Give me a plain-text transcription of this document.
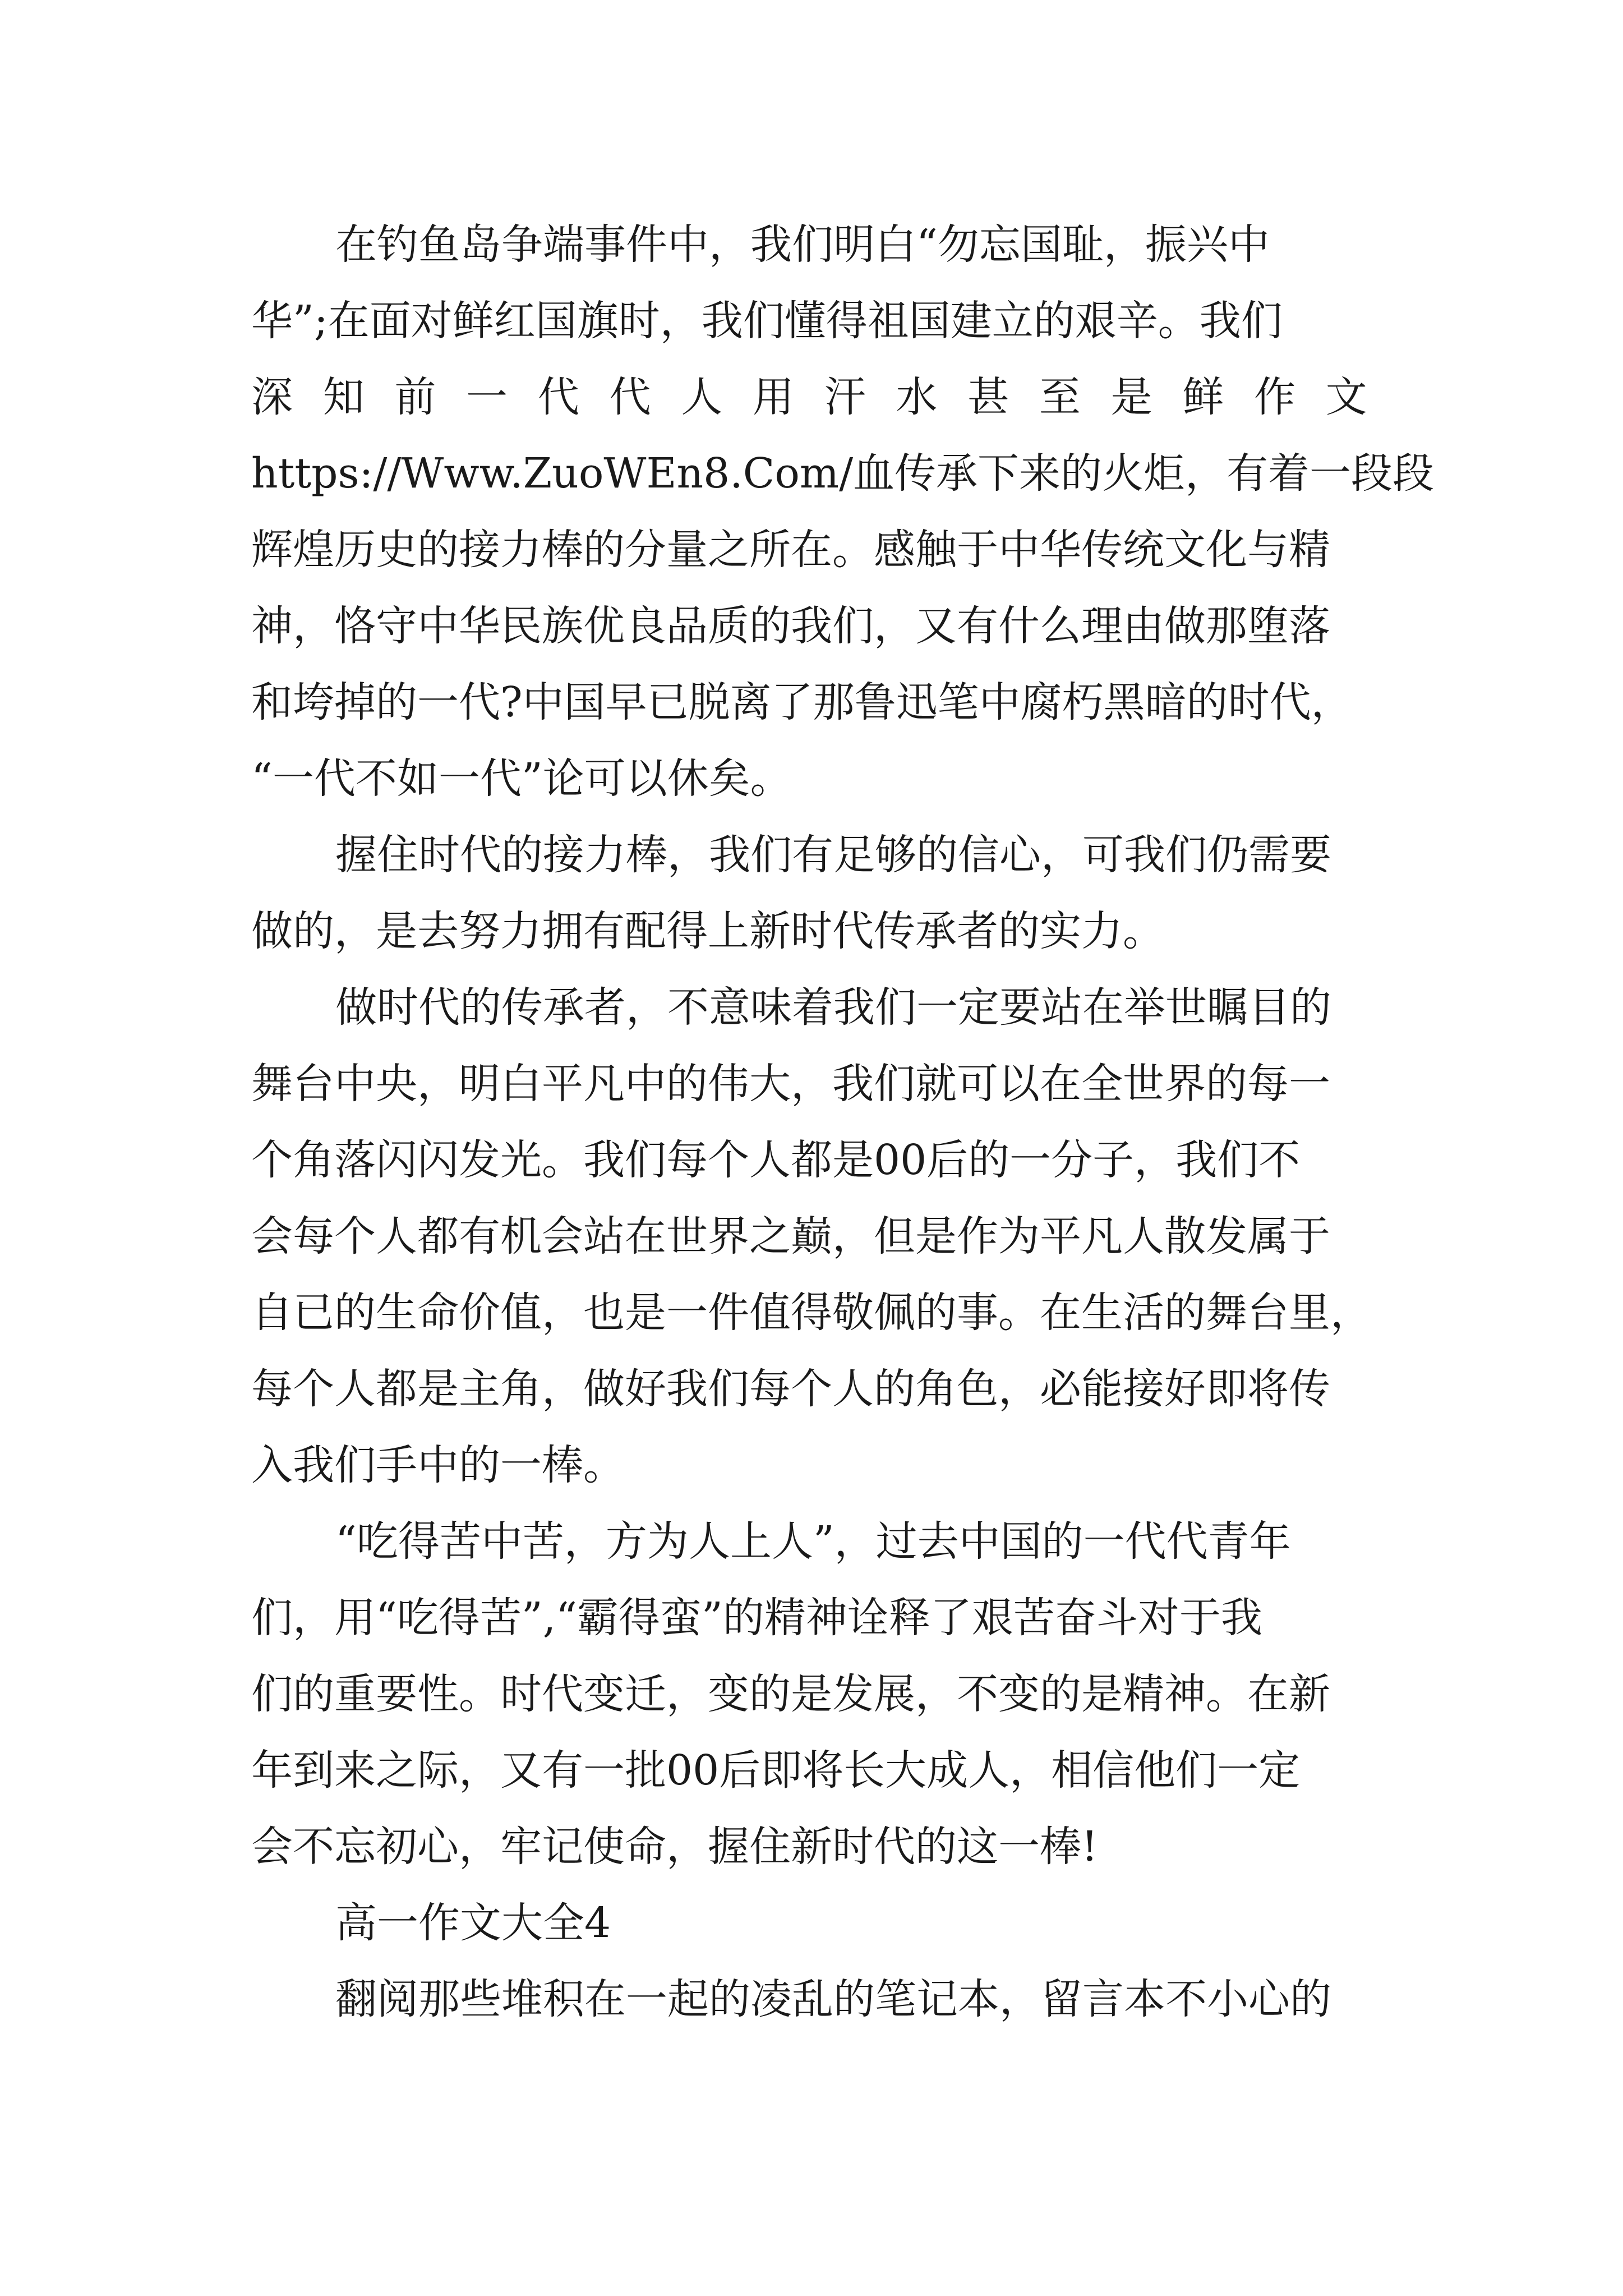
在钓鱼岛争端事件中，我们明白“勿忘国耻，振兴中
华”;在面对鲜红国旗时，我们懂得祖国建立的艰辛。我们
深 知 前 一 代 代 人 用 汗 水 甚 至 是 鲜 作 文
https://Www.ZuoWEn8.Com/血传承下来的火炬，有着一段段
辉煌历史的接力棒的分量之所在。感触于中华传统文化与精
神，恪守中华民族优良品质的我们，又有什么理由做那堕落
和垮掉的一代?中国早已脱离了那鲁迅笔中腐朽黑暗的时代，
“一代不如一代”论可以休矣。
握住时代的接力棒，我们有足够的信心，可我们仍需要
做的，是去努力拥有配得上新时代传承者的实力。
做时代的传承者，不意味着我们一定要站在举世瞩目的
舞台中央，明白平凡中的伟大，我们就可以在全世界的每一
个角落闪闪发光。我们每个人都是00后的一分子，我们不
会每个人都有机会站在世界之巅，但是作为平凡人散发属于
自已的生命价值，也是一件值得敬佩的事。在生活的舞台里，
每个人都是主角，做好我们每个人的角色，必能接好即将传
入我们手中的一棒。
“吃得苦中苦，方为人上人”，过去中国的一代代青年
们，用“吃得苦”,“霸得蛮”的精神诠释了艰苦奋斗对于我
们的重要性。时代变迁，变的是发展，不变的是精神。在新
年到来之际，又有一批00后即将长大成人，相信他们一定
会不忘初心，牢记使命，握住新时代的这一棒!
高一作文大全4
翻阅那些堆积在一起的凌乱的笔记本，留言本不小心的
